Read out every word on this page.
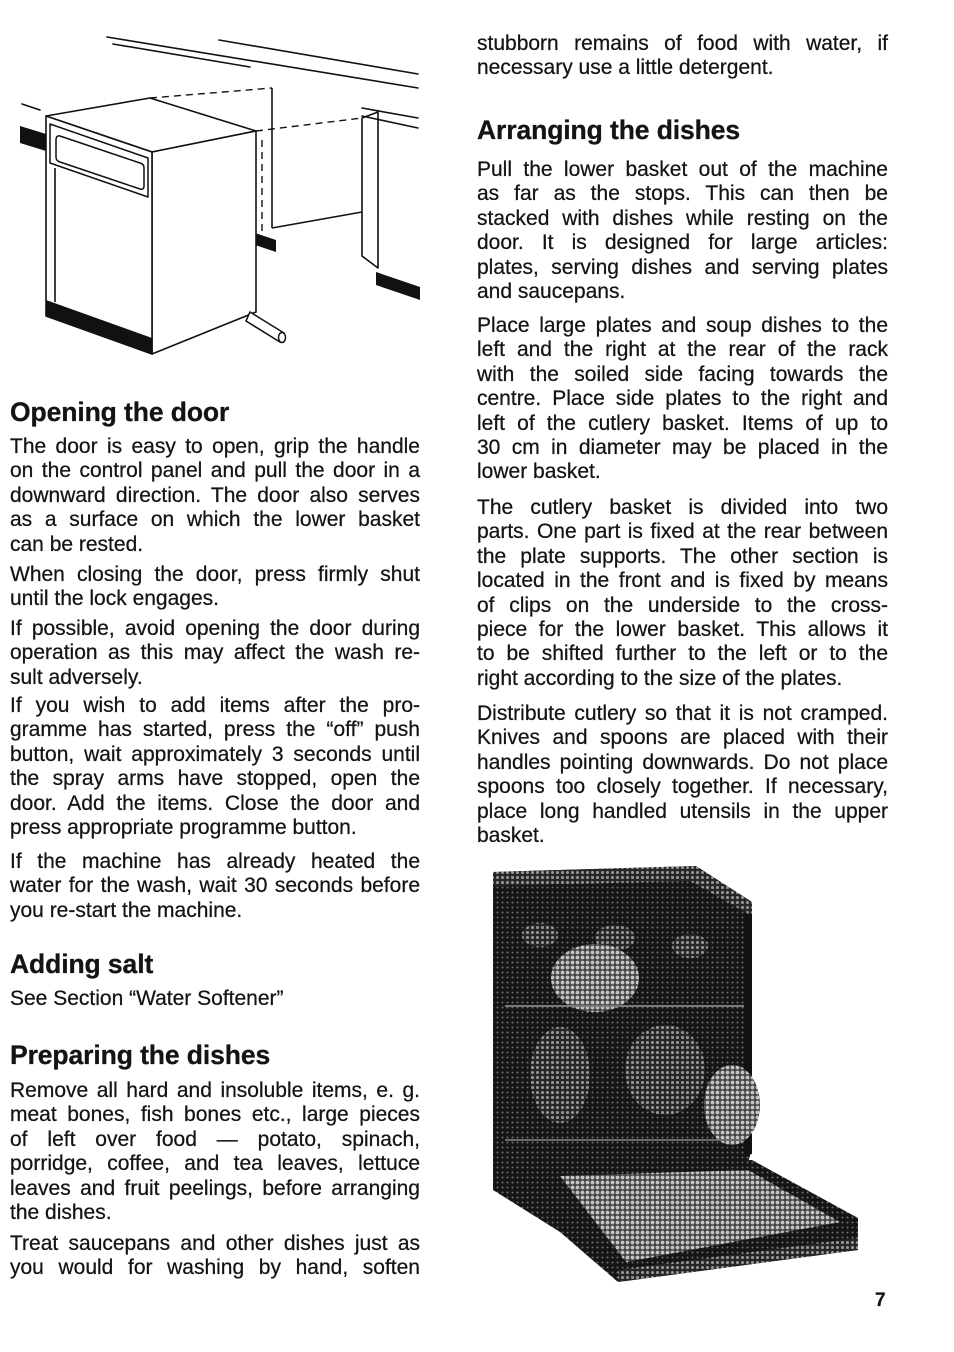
Opening the door
The door is easy to open, grip the handle
on the control panel and pull the door in a
downward direction. The door also serves
as a surface on which the lower basket
can be rested.
When closing the door, press firmly shut
until the lock engages.
If possible, avoid opening the door during
operation as this may affect the wash re-
sult adversely.
If you wish to add items after the pro-
gramme has started, press the “off” push
button, wait approximately 3 seconds until
the spray arms have stopped, open the
door. Add the items. Close the door and
press appropriate programme button.
If the machine has already heated the
water for the wash, wait 30 seconds before
you re-start the machine.
Adding salt
See Section “Water Softener”
Preparing the dishes
Remove all hard and insoluble items, e. g.
meat bones, fish bones etc., large pieces
of left over food — potato, spinach,
porridge, coffee, and tea leaves, lettuce
leaves and fruit peelings, before arranging
the dishes.
Treat saucepans and other dishes just as
you would for washing by hand, soften
stubborn remains of food with water, if
necessary use a little detergent.
Arranging the dishes
Pull the lower basket out of the machine
as far as the stops. This can then be
stacked with dishes while resting on the
door. It is designed for large articles:
plates, serving dishes and serving plates
and saucepans.
Place large plates and soup dishes to the
left and the right at the rear of the rack
with the soiled side facing towards the
centre. Place side plates to the right and
left of the cutlery basket. Items of up to
30 cm in diameter may be placed in the
lower basket.
The cutlery basket is divided into two
parts. One part is fixed at the rear between
the plate supports. The other section is
located in the front and is fixed by means
of clips on the underside to the cross-
piece for the lower basket. This allows it
to be shifted further to the left or to the
right according to the size of the plates.
Distribute cutlery so that it is not cramped.
Knives and spoons are placed with their
handles pointing downwards. Do not place
spoons too closely together. If necessary,
place long handled utensils in the upper
basket.
7
